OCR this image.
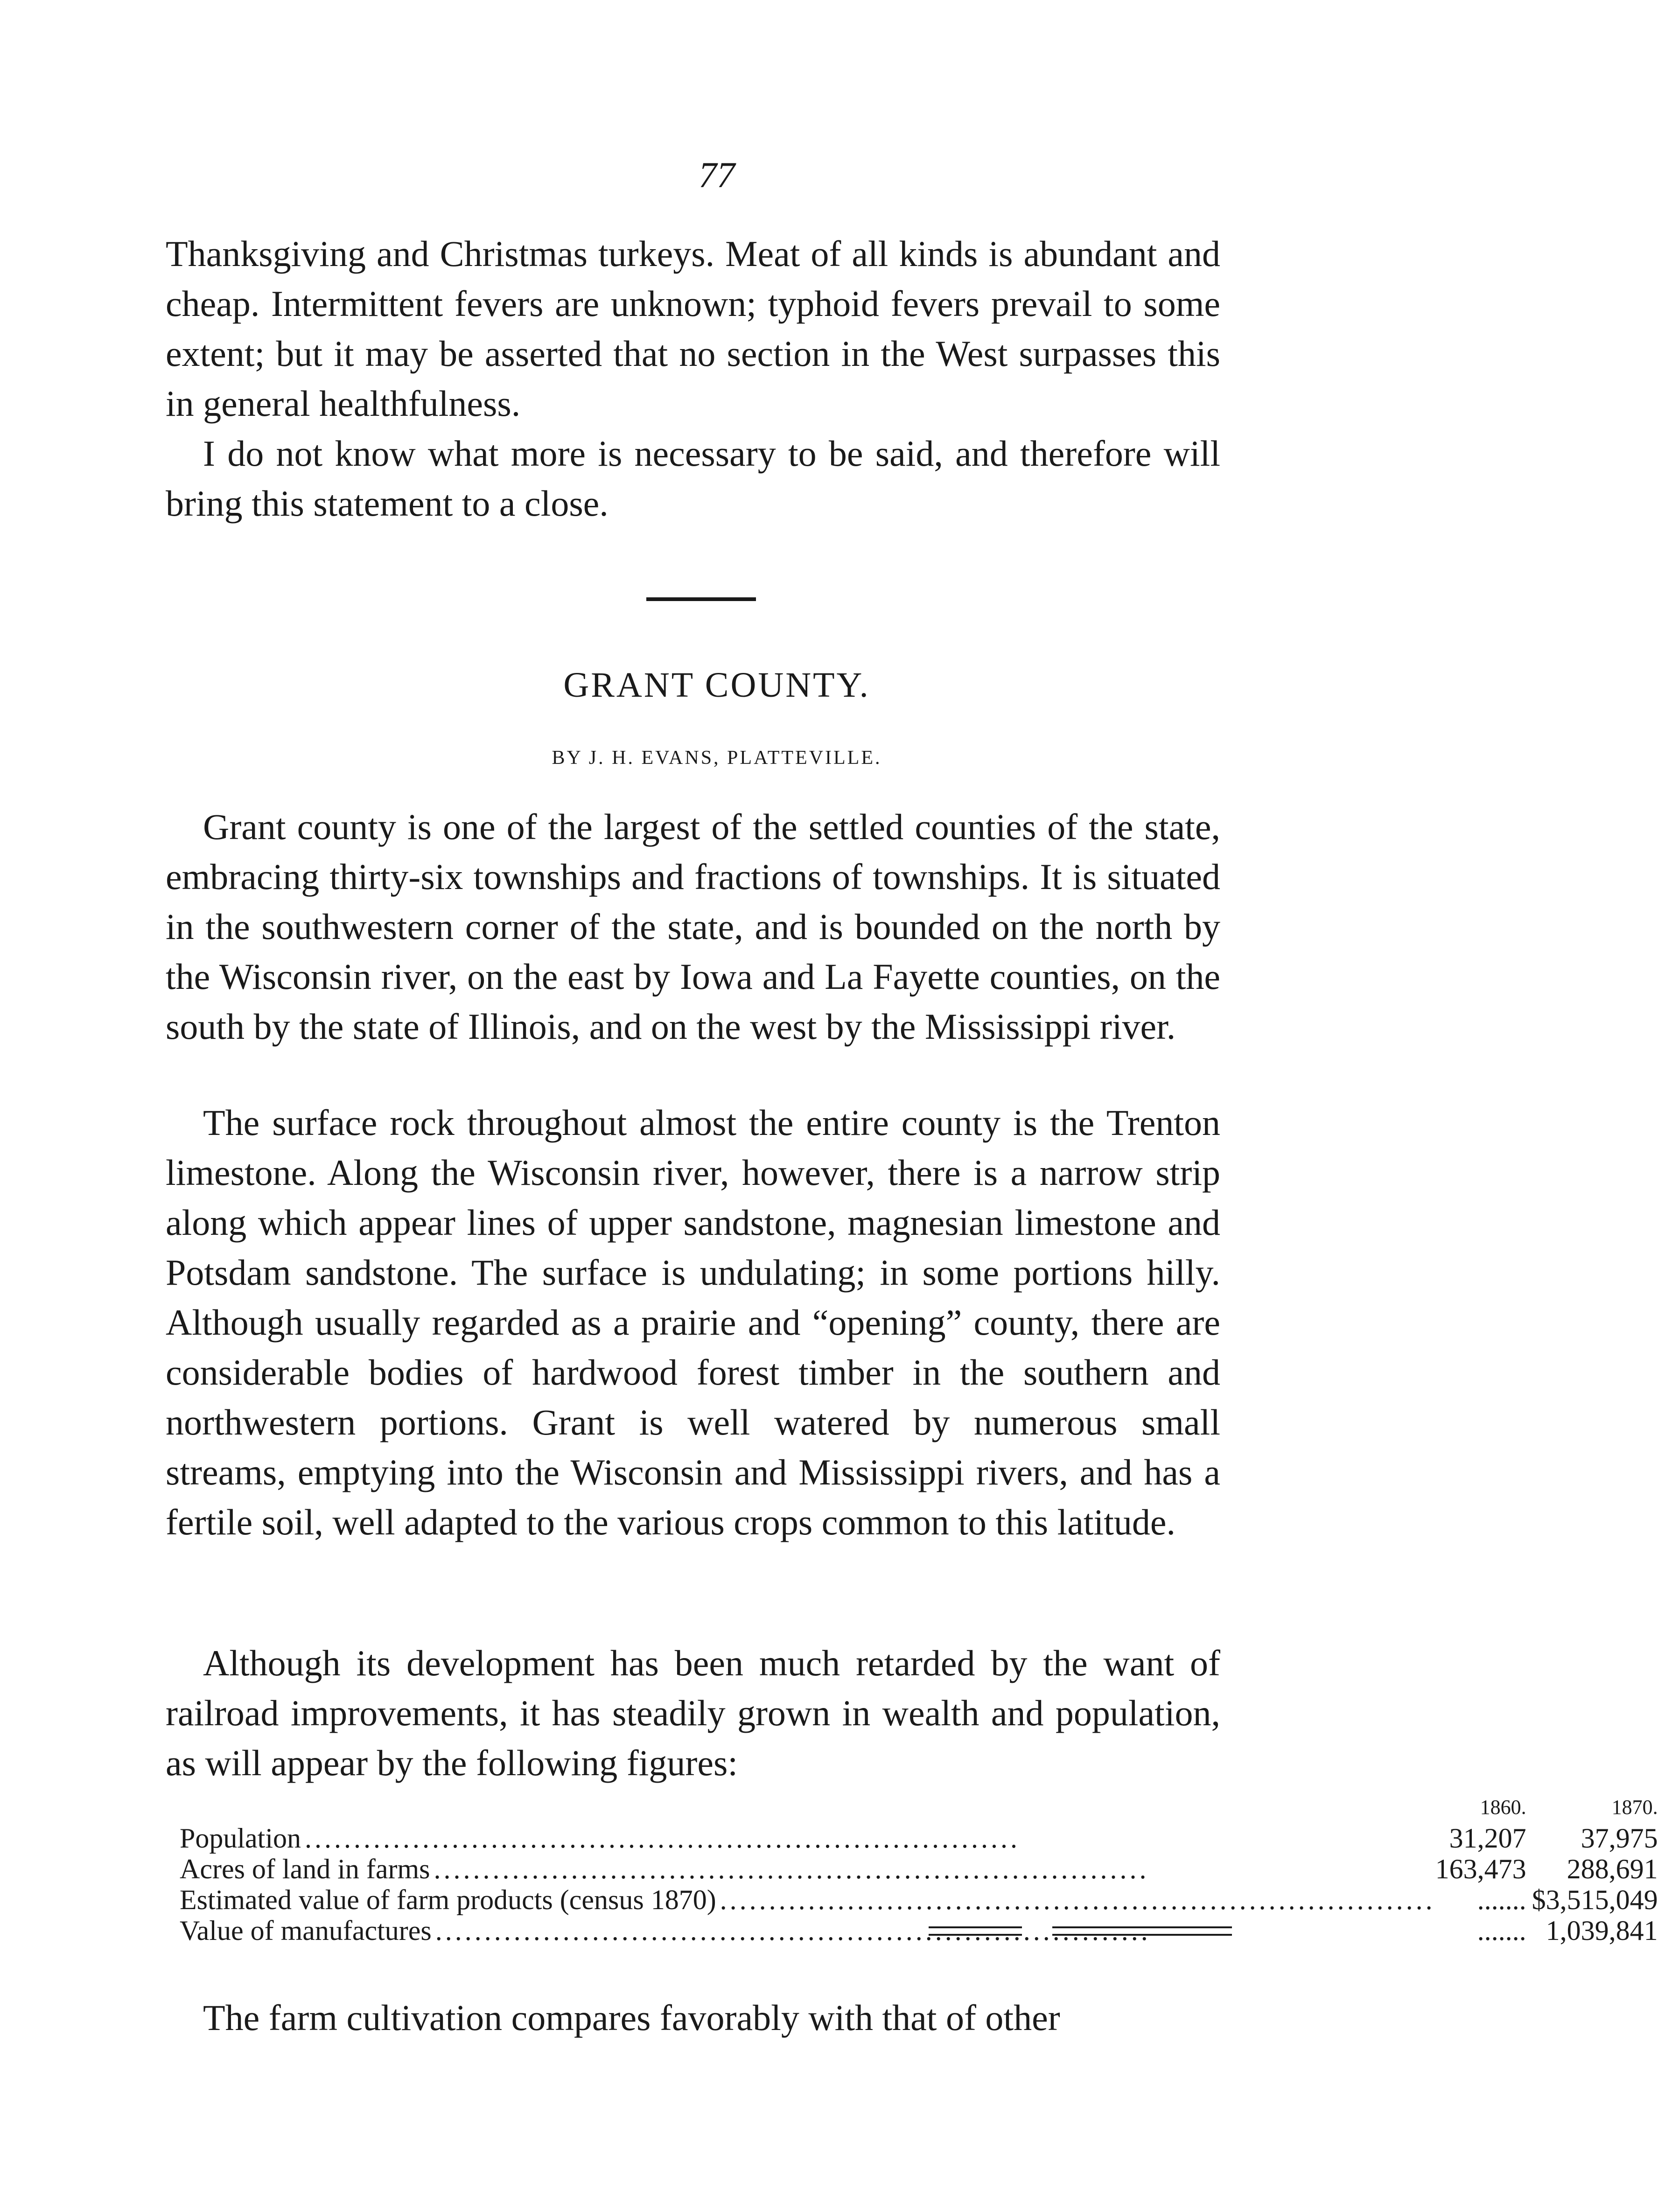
77

Thanksgiving and Christmas turkeys. Meat of all kinds is abundant and cheap. Intermittent fevers are unknown; typhoid fevers prevail to some extent; but it may be asserted that no section in the West surpasses this in general healthfulness.

I do not know what more is necessary to be said, and therefore will bring this statement to a close.

GRANT COUNTY.
BY J. H. EVANS, PLATTEVILLE.

Grant county is one of the largest of the settled counties of the state, embracing thirty-six townships and fractions of townships. It is situated in the southwestern corner of the state, and is bounded on the north by the Wisconsin river, on the east by Iowa and La Fayette counties, on the south by the state of Illinois, and on the west by the Mississippi river.

The surface rock throughout almost the entire county is the Trenton limestone. Along the Wisconsin river, however, there is a narrow strip along which appear lines of upper sandstone, magnesian limestone and Potsdam sandstone. The surface is undulating; in some portions hilly. Although usually regarded as a prairie and “opening” county, there are considerable bodies of hardwood forest timber in the southern and northwestern portions. Grant is well watered by numerous small streams, emptying into the Wisconsin and Mississippi rivers, and has a fertile soil, well adapted to the various crops common to this latitude.

Although its development has been much retarded by the want of railroad improvements, it has steadily grown in wealth and population, as will appear by the following figures:

	1860.	1870.

Population .........................................................................	31,207	37,975

Acres of land in farms .........................................................................	163,473	288,691

Estimated value of farm products (census 1870) .........................................................................	.......	$3,515,049

Value of manufactures .........................................................................	.......	1,039,841

The farm cultivation compares favorably with that of other
